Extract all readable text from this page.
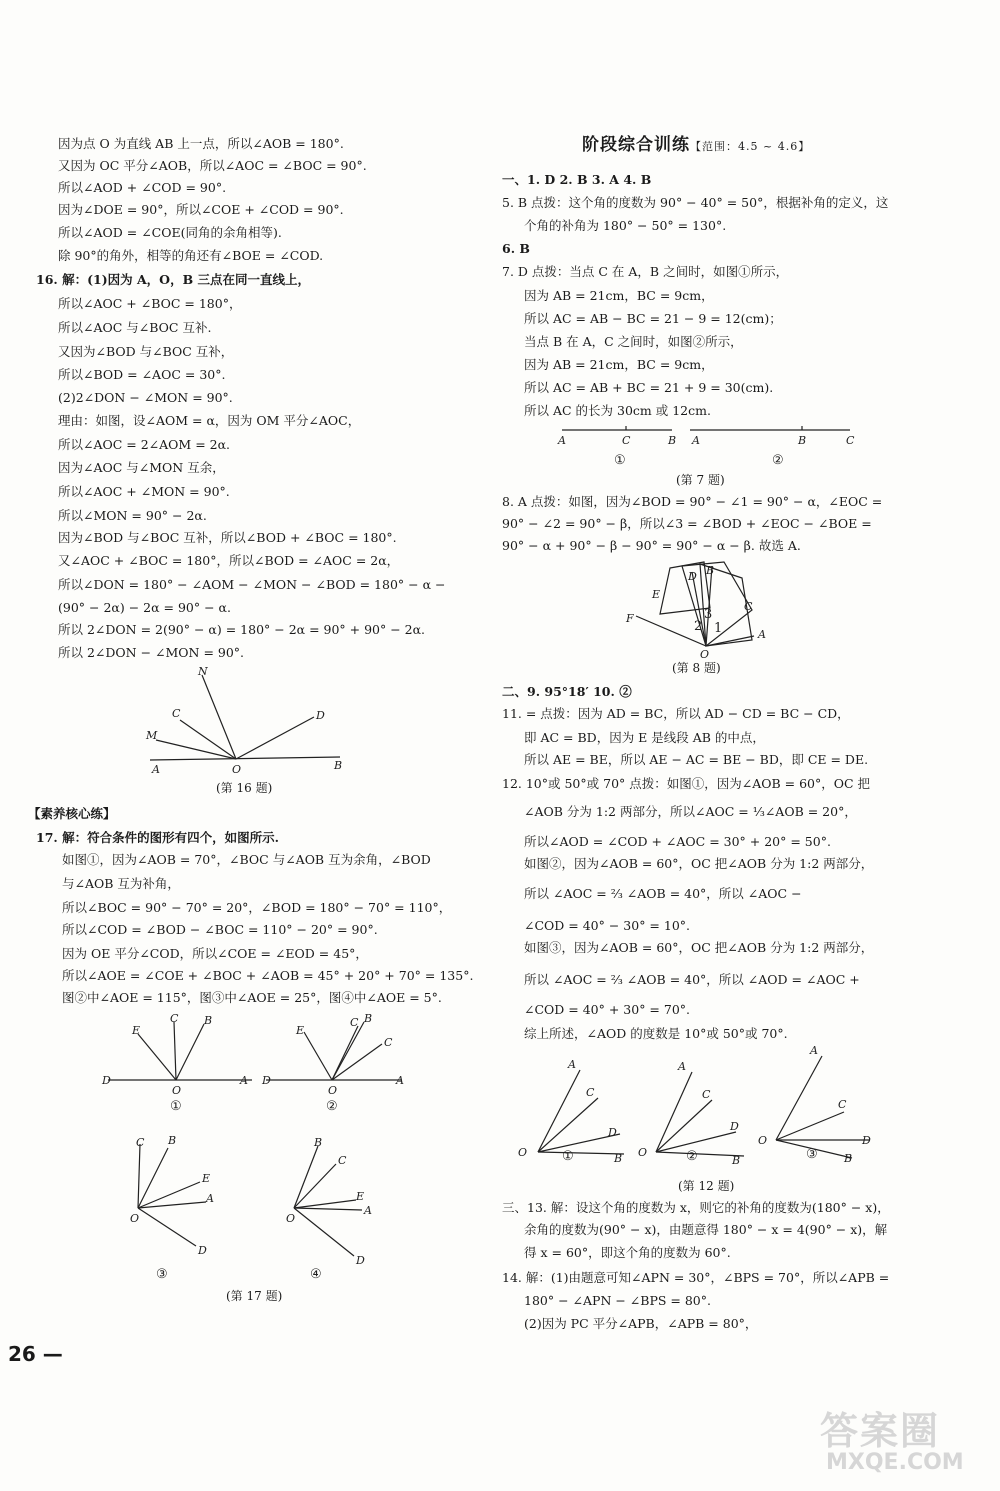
因为点 O 为直线 AB 上一点，所以∠AOB = 180°.
又因为 OC 平分∠AOB，所以∠AOC = ∠BOC = 90°.
所以∠AOD + ∠COD = 90°.
因为∠DOE = 90°，所以∠COE + ∠COD = 90°.
所以∠AOD = ∠COE(同角的余角相等).
除 90°的角外，相等的角还有∠BOE = ∠COD.
16. 解：(1)因为 A，O，B 三点在同一直线上，
所以∠AOC + ∠BOC = 180°，
所以∠AOC 与∠BOC 互补.
又因为∠BOD 与∠BOC 互补，
所以∠BOD = ∠AOC = 30°.
(2)2∠DON − ∠MON = 90°.
理由：如图，设∠AOM = α，因为 OM 平分∠AOC，
所以∠AOC = 2∠AOM = 2α.
因为∠AOC 与∠MON 互余，
所以∠AOC + ∠MON = 90°.
所以∠MON = 90° − 2α.
因为∠BOD 与∠BOC 互补，所以∠BOD + ∠BOC = 180°.
又∠AOC + ∠BOC = 180°，所以∠BOD = ∠AOC = 2α，
所以∠DON = 180° − ∠AOM − ∠MON − ∠BOD = 180° − α −
(90° − 2α) − 2α = 90° − α.
所以 2∠DON = 2(90° − α) = 180° − 2α = 90° + 90° − 2α.
所以 2∠DON − ∠MON = 90°.
N
C
M
D
A	O	B
(第 16 题)
【素养核心练】
17. 解：符合条件的图形有四个，如图所示.
如图①，因为∠AOB = 70°，∠BOC 与∠AOB 互为余角，∠BOD
与∠AOB 互为补角，
所以∠BOC = 90° − 70° = 20°，∠BOD = 180° − 70° = 110°，
所以∠COD = ∠BOD − ∠BOC = 110° − 20° = 90°.
因为 OE 平分∠COD，所以∠COE = ∠EOD = 45°，
所以∠AOE = ∠COE + ∠BOC + ∠AOB = 45° + 20° + 70° = 135°.
图②中∠AOE = 115°，图③中∠AOE = 25°，图④中∠AOE = 5°.
C B
E
D
O
A
①
E
C B
C
D
O
A
②
C B
E
A
O
D
③
B
C
E
A
O
D
④
(第 17 题)
26 —
阶段综合训练【范围：4.5 ~ 4.6】
一、1. D 2. B 3. A 4. B
5. B 点拨：这个角的度数为 90° − 40° = 50°，根据补角的定义，这
个角的补角为 180° − 50° = 130°.
6. B
7. D 点拨：当点 C 在 A，B 之间时，如图①所示，
因为 AB = 21cm，BC = 9cm，
所以 AC = AB − BC = 21 − 9 = 12(cm)；
当点 B 在 A，C 之间时，如图②所示，
因为 AB = 21cm，BC = 9cm，
所以 AC = AB + BC = 21 + 9 = 30(cm).
所以 AC 的长为 30cm 或 12cm.
A	C	B A	B	C
①	②
(第 7 题)
8. A 点拨：如图，因为∠BOD = 90° − ∠1 = 90° − α，∠EOC =
90° − ∠2 = 90° − β，所以∠3 = ∠BOD + ∠EOC − ∠BOE =
90° − α + 90° − β − 90° = 90° − α − β. 故选 A.
B
D
E
C
F
2
3
1	A
O
(第 8 题)
二、9. 95°18′ 10. ②
11. = 点拨：因为 AD = BC，所以 AD − CD = BC − CD，
即 AC = BD，因为 E 是线段 AB 的中点，
所以 AE = BE，所以 AE − AC = BE − BD，即 CE = DE.
12. 10°或 50°或 70° 点拨：如图①，因为∠AOB = 60°，OC 把
∠AOB 分为 1:2 两部分，所以∠AOC = ⅓∠AOB = 20°，
所以∠AOD = ∠COD + ∠AOC = 30° + 20° = 50°.
如图②，因为∠AOB = 60°，OC 把∠AOB 分为 1:2 两部分，
所以 ∠AOC = ⅔ ∠AOB = 40°，所以 ∠AOC −
∠COD = 40° − 30° = 10°.
如图③，因为∠AOB = 60°，OC 把∠AOB 分为 1:2 两部分，
所以 ∠AOC = ⅔ ∠AOB = 40°，所以 ∠AOD = ∠AOC +
∠COD = 40° + 30° = 70°.
综上所述，∠AOD 的度数是 10°或 50°或 70°.
A
C
D
O	B
①
A
C
D
O
B
②
A
C
D
O
B
③
(第 12 题)
三、13. 解：设这个角的度数为 x，则它的补角的度数为(180° − x)，
余角的度数为(90° − x)，由题意得 180° − x = 4(90° − x)，解
得 x = 60°，即这个角的度数为 60°.
14. 解：(1)由题意可知∠APN = 30°，∠BPS = 70°，所以∠APB =
180° − ∠APN − ∠BPS = 80°.
(2)因为 PC 平分∠APB，∠APB = 80°，
答案圈
MXQE.COM
